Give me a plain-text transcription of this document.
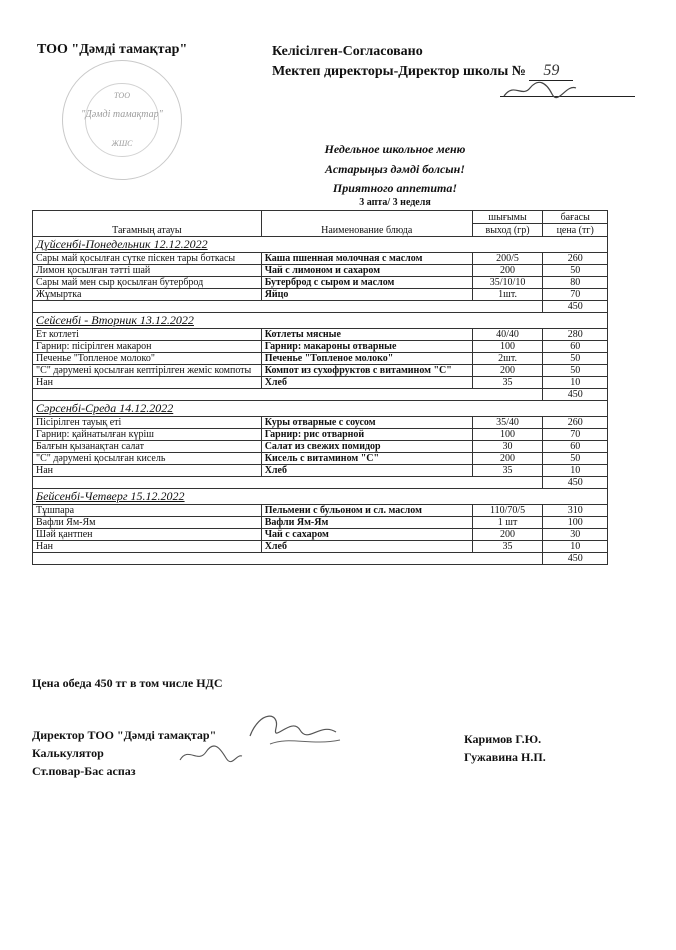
ТОО "Дәмді тамақтар"	Келісілген-Согласовано
Мектеп директоры-Директор школы № 59
ТОО
"Дәмді тамақтар"
ЖШС	Недельное школьное меню
Астарыңыз дәмді болсын!
Приятного аппетита!
3 апта/ 3 неделя
Тағамның атауы	Наименование блюда	шығымы	бағасы
		выход (гр)	цена (тг)
Дүйсенбі-Понедельник 12.12.2022			
Сары май қосылған сүтке піскен тары боткасы	Каша пшенная молочная с маслом	200/5	260
Лимон қосылған тәтті шай	Чай с лимоном и сахаром	200	50
Сары май мен сыр қосылған бутерброд	Бутерброд с сыром и маслом	35/10/10	80
Жұмыртка	Яйцо	1шт.	70
			450
Сейсенбі - Вторник 13.12.2022			
Ет котлеті	Котлеты мясные	40/40	280
Гарнир: пісірілген макарон	Гарнир: макароны отварные	100	60
Печенье "Топленое молоко"	Печенье "Топленое молоко"	2шт.	50
"С" дәрумені қосылған кептірілген жеміс компоты	Компот из сухофруктов с витамином "С"	200	50
Нан	Хлеб	35	10
			450
Сәрсенбі-Среда 14.12.2022			
Пісірілген тауық еті	Куры отварные с соусом	35/40	260
Гарнир: қайнатылған күріш	Гарнир: рис отварной	100	70
Балғын қызанақтан салат	Салат из свежих помидор	30	60
"С" дәрумені қосылған кисель	Кисель с витамином "С"	200	50
Нан	Хлеб	35	10
			450
Бейсенбі-Четверг 15.12.2022			
Тұшпара	Пельмени с бульоном и сл. маслом	110/70/5	310
Вафли Ям-Ям	Вафли Ям-Ям	1 шт	100
Шәй қантпен	Чай с сахаром	200	30
Нан	Хлеб	35	10
			450
Цена обеда 450 тг в том числе НДС
Директор ТОО "Дәмді тамақтар"
Калькулятор
Ст.повар-Бас аспаз
Каримов Г.Ю.
Гужавина Н.П.
